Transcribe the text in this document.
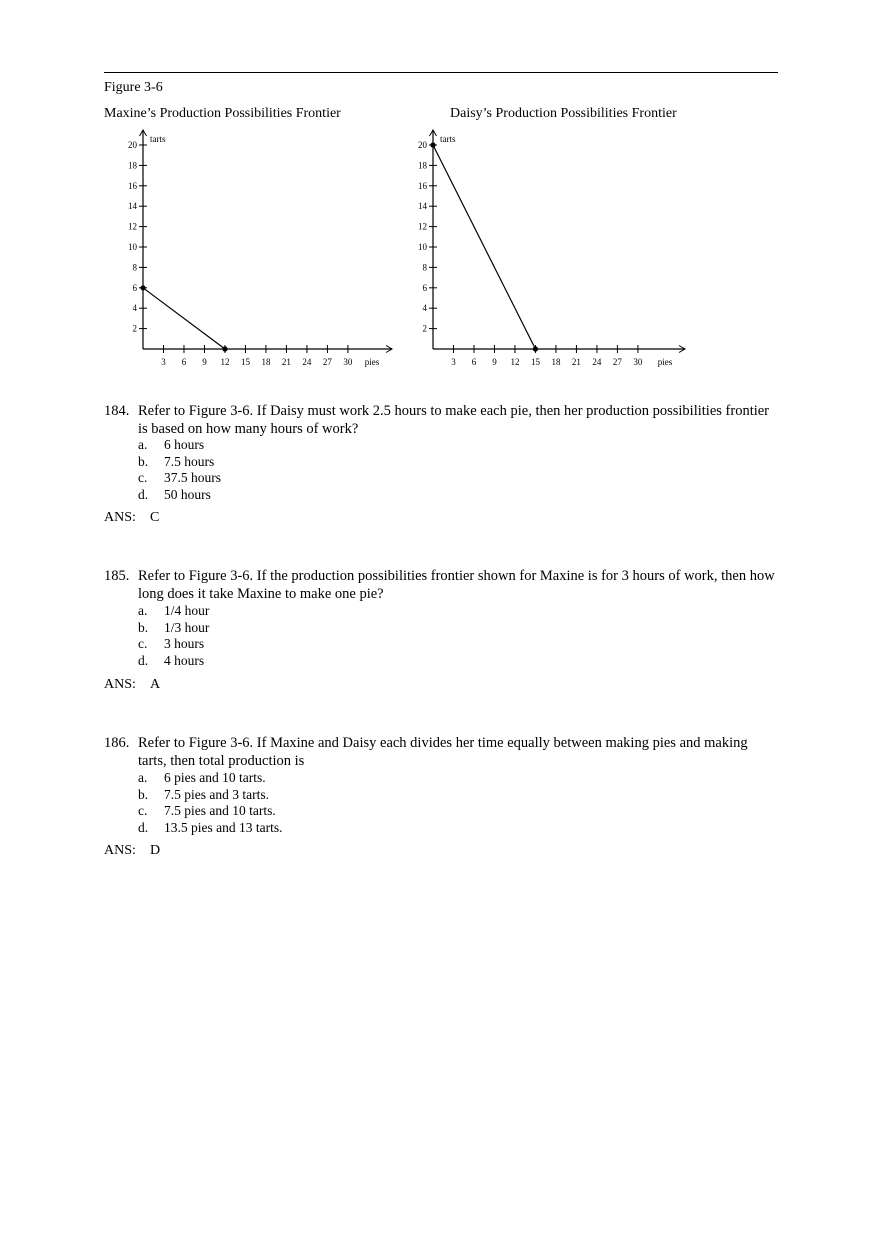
Figure 3-6
Maxine’s Production Possibilities Frontier	Daisy’s Production Possibilities Frontier
tarts
pies
3 6 9 12 15 18 21 24 27 30
2
4
6
8
10
12
14
16
18
20
tarts
pies
3 6 9 12 15 18 21 24 27 30
2
4
6
8
10
12
14
16
18
20
184. Refer to Figure 3-6. If Daisy must work 2.5 hours to make each pie, then her production possibilities frontier is based on how many hours of work?
a. 6 hours
b. 7.5 hours
c. 37.5 hours
d. 50 hours
ANS: C
185. Refer to Figure 3-6. If the production possibilities frontier shown for Maxine is for 3 hours of work, then how long does it take Maxine to make one pie?
a. 1/4 hour
b. 1/3 hour
c. 3 hours
d. 4 hours
ANS: A
186. Refer to Figure 3-6. If Maxine and Daisy each divides her time equally between making pies and making tarts, then total production is
a. 6 pies and 10 tarts.
b. 7.5 pies and 3 tarts.
c. 7.5 pies and 10 tarts.
d. 13.5 pies and 13 tarts.
ANS: D
